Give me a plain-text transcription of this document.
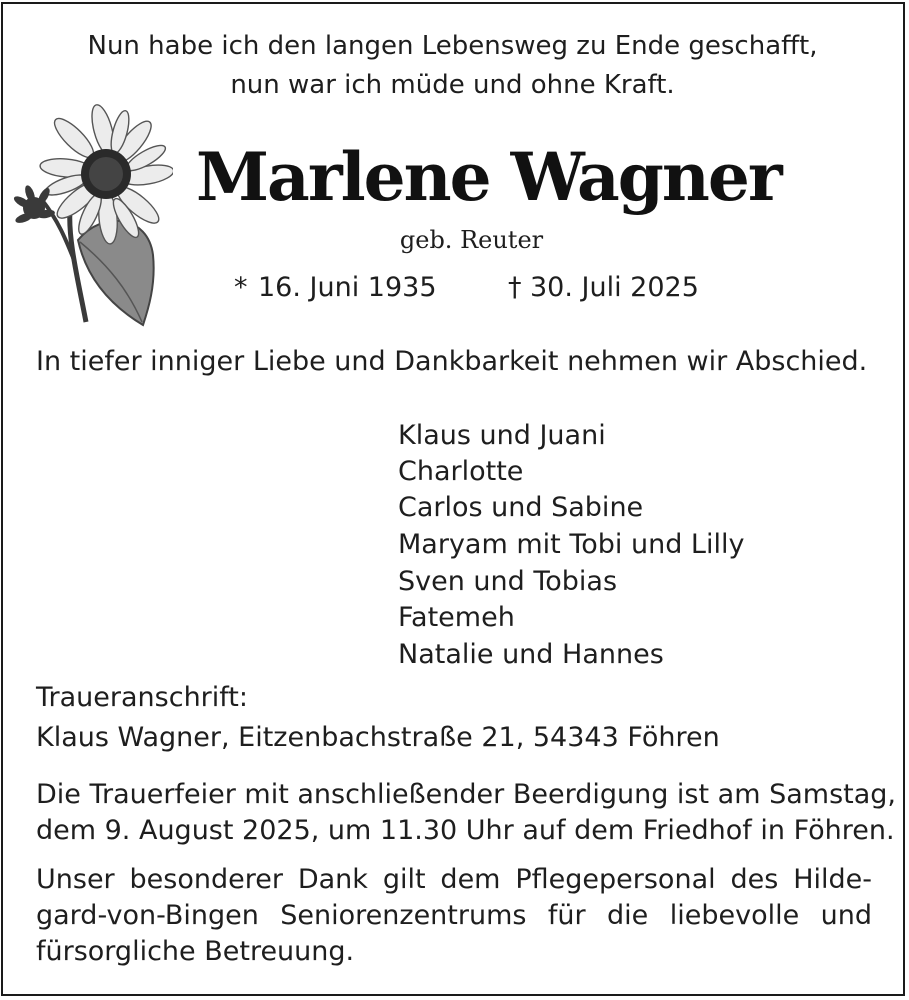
Nun habe ich den langen Lebensweg zu Ende geschafft,

nun war ich müde und ohne Kraft.

Marlene Wagner

geb. Reuter

* 16. Juni 1935	† 30. Juli 2025

In tiefer inniger Liebe und Dankbarkeit nehmen wir Abschied.

Klaus und Juani

Charlotte

Carlos und Sabine

Maryam mit Tobi und Lilly

Sven und Tobias

Fatemeh

Natalie und Hannes

Traueranschrift:

Klaus Wagner, Eitzenbachstraße 21, 54343 Föhren

Die Trauerfeier mit anschließender Beerdigung ist am Samstag,

dem 9. August 2025, um 11.30 Uhr auf dem Friedhof in Föhren.

Unser besonderer Dank gilt dem Pflegepersonal des Hilde-gard-von-Bingen Seniorenzentrums für die liebevolle und fürsorgliche Betreuung.
